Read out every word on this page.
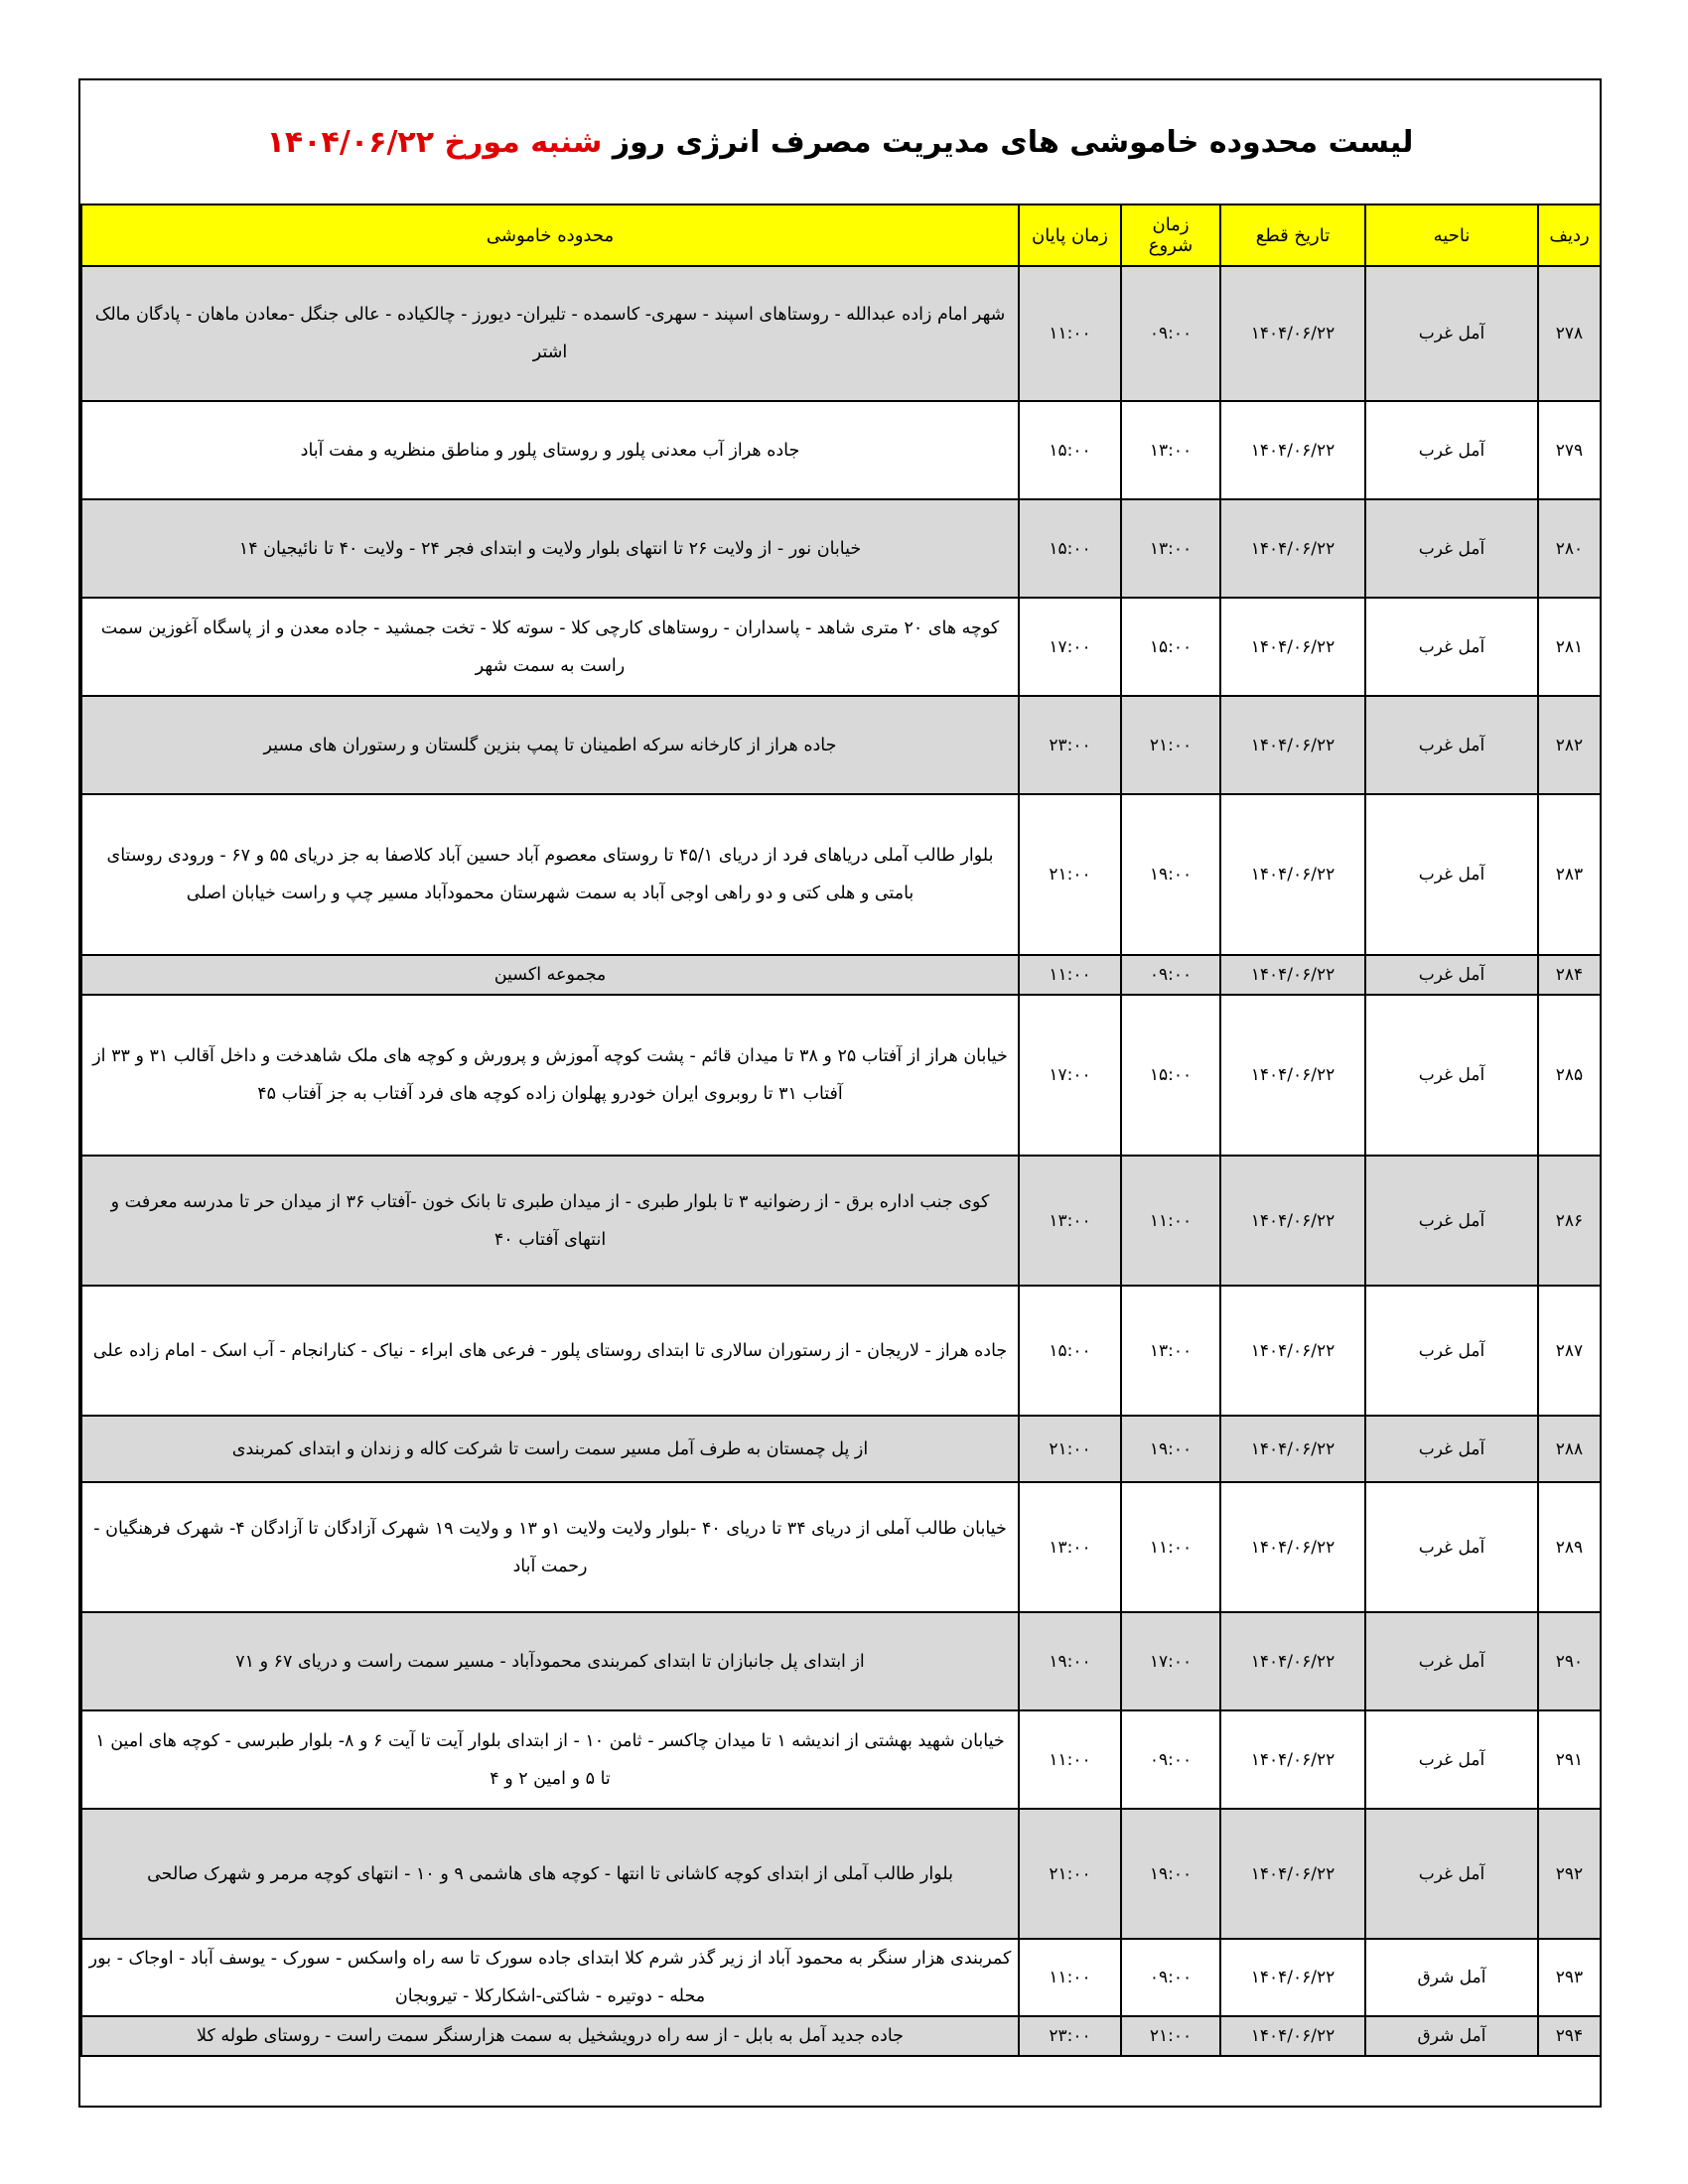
لیست محدوده خاموشی های مدیریت مصرف انرژی روز

شنبه مورخ ۱۴۰۴/۰۶/۲۲
ردیف	ناحیه	تاریخ قطع	زمان شروع	زمان پایان	محدوده خاموشی
۲۷۸	آمل غرب	۱۴۰۴/۰۶/۲۲	۰۹:۰۰	۱۱:۰۰	شهر امام زاده عبدالله - روستاهای اسپند - سهری- کاسمده - تلیران- دیورز - چالکیاده - عالی جنگل -معادن ماهان - پادگان مالک اشتر
۲۷۹	آمل غرب	۱۴۰۴/۰۶/۲۲	۱۳:۰۰	۱۵:۰۰	جاده هراز آب معدنی پلور و روستای پلور و مناطق منظریه و مفت آباد
۲۸۰	آمل غرب	۱۴۰۴/۰۶/۲۲	۱۳:۰۰	۱۵:۰۰	خیابان نور - از ولایت ۲۶ تا انتهای بلوار ولایت و ابتدای فجر ۲۴ - ولایت ۴۰ تا نائیجیان ۱۴
۲۸۱	آمل غرب	۱۴۰۴/۰۶/۲۲	۱۵:۰۰	۱۷:۰۰	کوچه های ۲۰ متری شاهد - پاسداران - روستاهای کارچی کلا - سوته کلا - تخت جمشید - جاده معدن و از پاسگاه آغوزین سمت راست به سمت شهر
۲۸۲	آمل غرب	۱۴۰۴/۰۶/۲۲	۲۱:۰۰	۲۳:۰۰	جاده هراز از کارخانه سرکه اطمینان تا پمپ بنزین گلستان و رستوران های مسیر
۲۸۳	آمل غرب	۱۴۰۴/۰۶/۲۲	۱۹:۰۰	۲۱:۰۰	بلوار طالب آملی دریاهای فرد از دریای ۴۵/۱ تا روستای معصوم آباد حسین آباد کلاصفا به جز دریای ۵۵ و ۶۷ - ورودی روستای بامتی و هلی کتی و دو راهی اوجی آباد به سمت شهرستان محمودآباد مسیر چپ و راست خیابان اصلی
۲۸۴	آمل غرب	۱۴۰۴/۰۶/۲۲	۰۹:۰۰	۱۱:۰۰	مجموعه اکسین
۲۸۵	آمل غرب	۱۴۰۴/۰۶/۲۲	۱۵:۰۰	۱۷:۰۰	خیابان هراز از آفتاب ۲۵ و ۳۸ تا میدان قائم - پشت کوچه آموزش و پرورش و کوچه های ملک شاهدخت و داخل آقالب ۳۱ و ۳۳ از آفتاب ۳۱ تا روبروی ایران خودرو پهلوان زاده کوچه های فرد آفتاب به جز آفتاب ۴۵
۲۸۶	آمل غرب	۱۴۰۴/۰۶/۲۲	۱۱:۰۰	۱۳:۰۰	کوی جنب اداره برق - از رضوانیه ۳ تا بلوار طبری - از میدان طبری تا بانک خون -آفتاب ۳۶ از میدان حر تا مدرسه معرفت و انتهای آفتاب ۴۰
۲۸۷	آمل غرب	۱۴۰۴/۰۶/۲۲	۱۳:۰۰	۱۵:۰۰	جاده هراز - لاریجان - از رستوران سالاری تا ابتدای روستای پلور - فرعی های ابراء - نیاک - کنارانجام - آب اسک - امام زاده علی
۲۸۸	آمل غرب	۱۴۰۴/۰۶/۲۲	۱۹:۰۰	۲۱:۰۰	از پل چمستان به طرف آمل مسیر سمت راست تا شرکت کاله و زندان و ابتدای کمربندی
۲۸۹	آمل غرب	۱۴۰۴/۰۶/۲۲	۱۱:۰۰	۱۳:۰۰	خیابان طالب آملی از دریای ۳۴ تا دریای ۴۰ -بلوار ولایت ولایت ۱و ۱۳ و ولایت ۱۹ شهرک آزادگان تا آزادگان ۴- شهرک فرهنگیان - رحمت آباد
۲۹۰	آمل غرب	۱۴۰۴/۰۶/۲۲	۱۷:۰۰	۱۹:۰۰	از ابتدای پل جانبازان تا ابتدای کمربندی محمودآباد - مسیر سمت راست و دریای ۶۷ و ۷۱
۲۹۱	آمل غرب	۱۴۰۴/۰۶/۲۲	۰۹:۰۰	۱۱:۰۰	خیابان شهید بهشتی از اندیشه ۱ تا میدان چاکسر - ثامن ۱۰ - از ابتدای بلوار آیت تا آیت ۶ و ۸- بلوار طبرسی - کوچه های امین ۱ تا ۵ و امین ۲ و ۴
۲۹۲	آمل غرب	۱۴۰۴/۰۶/۲۲	۱۹:۰۰	۲۱:۰۰	بلوار طالب آملی از ابتدای کوچه کاشانی تا انتها - کوچه های هاشمی ۹ و ۱۰ - انتهای کوچه مرمر و شهرک صالحی
۲۹۳	آمل شرق	۱۴۰۴/۰۶/۲۲	۰۹:۰۰	۱۱:۰۰	کمربندی هزار سنگر به محمود آباد از زیر گذر شرم کلا ابتدای جاده سورک تا سه راه واسکس - سورک - یوسف آباد - اوجاک - بور محله - دوتیره - شاکتی-اشکارکلا - تیروبجان
۲۹۴	آمل شرق	۱۴۰۴/۰۶/۲۲	۲۱:۰۰	۲۳:۰۰	جاده جدید آمل به بابل - از سه راه درویشخیل به سمت هزارسنگر سمت راست - روستای طوله کلا
